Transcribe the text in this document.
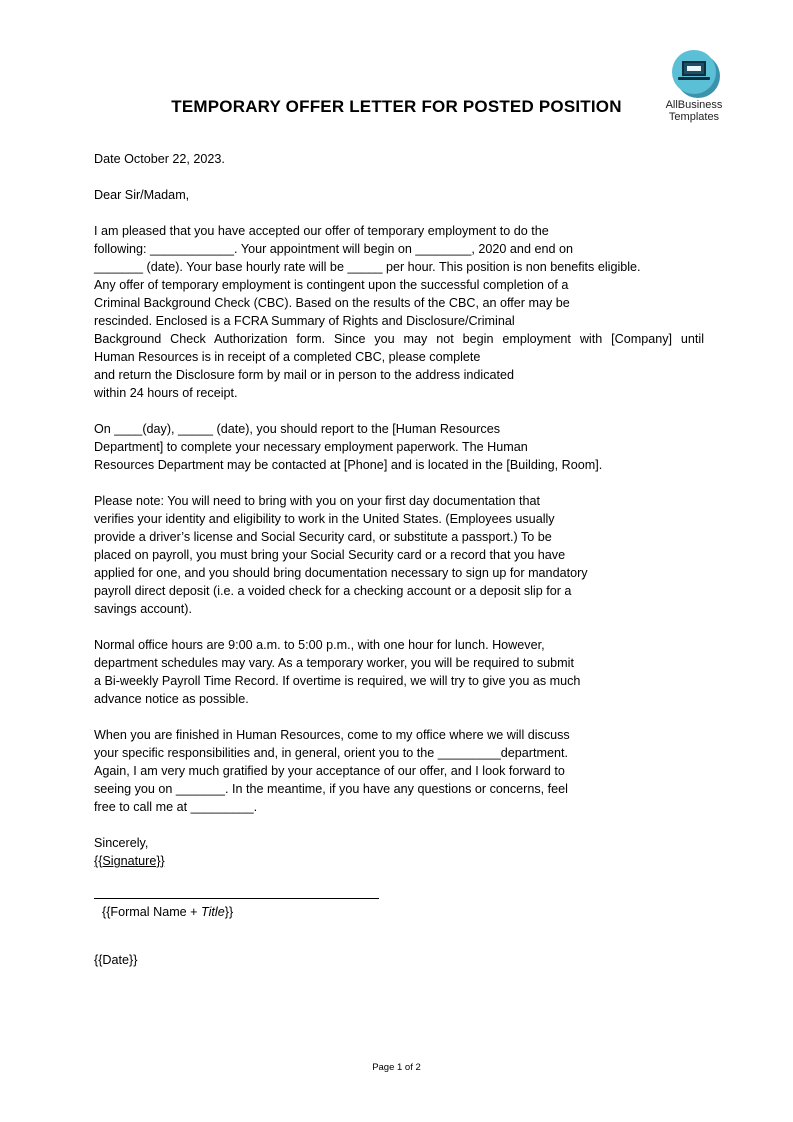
AllBusiness
Templates
TEMPORARY OFFER LETTER FOR POSTED POSITION
Date October 22, 2023.
Dear Sir/Madam,
I am pleased that you have accepted our offer of temporary employment to do the
following: ____________. Your appointment will begin on ________, 2020 and end on
_______ (date). Your base hourly rate will be _____ per hour. This position is non benefits eligible.
Any offer of temporary employment is contingent upon the successful completion of a
Criminal Background Check (CBC). Based on the results of the CBC, an offer may be
rescinded. Enclosed is a FCRA Summary of Rights and Disclosure/Criminal
Background Check Authorization form. Since you may not begin employment with [Company] until
Human Resources is in receipt of a completed CBC, please complete
and return the Disclosure form by mail or in person to the address indicated
within 24 hours of receipt.
On ____(day), _____ (date), you should report to the [Human Resources
Department] to complete your necessary employment paperwork. The Human
Resources Department may be contacted at [Phone] and is located in the [Building, Room].
Please note: You will need to bring with you on your first day documentation that
verifies your identity and eligibility to work in the United States. (Employees usually
provide a driver’s license and Social Security card, or substitute a passport.) To be
placed on payroll, you must bring your Social Security card or a record that you have
applied for one, and you should bring documentation necessary to sign up for mandatory
payroll direct deposit (i.e. a voided check for a checking account or a deposit slip for a
savings account).
Normal office hours are 9:00 a.m. to 5:00 p.m., with one hour for lunch. However,
department schedules may vary. As a temporary worker, you will be required to submit
a Bi-weekly Payroll Time Record. If overtime is required, we will try to give you as much
advance notice as possible.
When you are finished in Human Resources, come to my office where we will discuss
your specific responsibilities and, in general, orient you to the _________department.
Again, I am very much gratified by your acceptance of our offer, and I look forward to
seeing you on _______. In the meantime, if you have any questions or concerns, feel
free to call me at _________.
Sincerely,
{{Signature}}
{{Formal Name + Title}}
{{Date}}
Page 1 of 2
